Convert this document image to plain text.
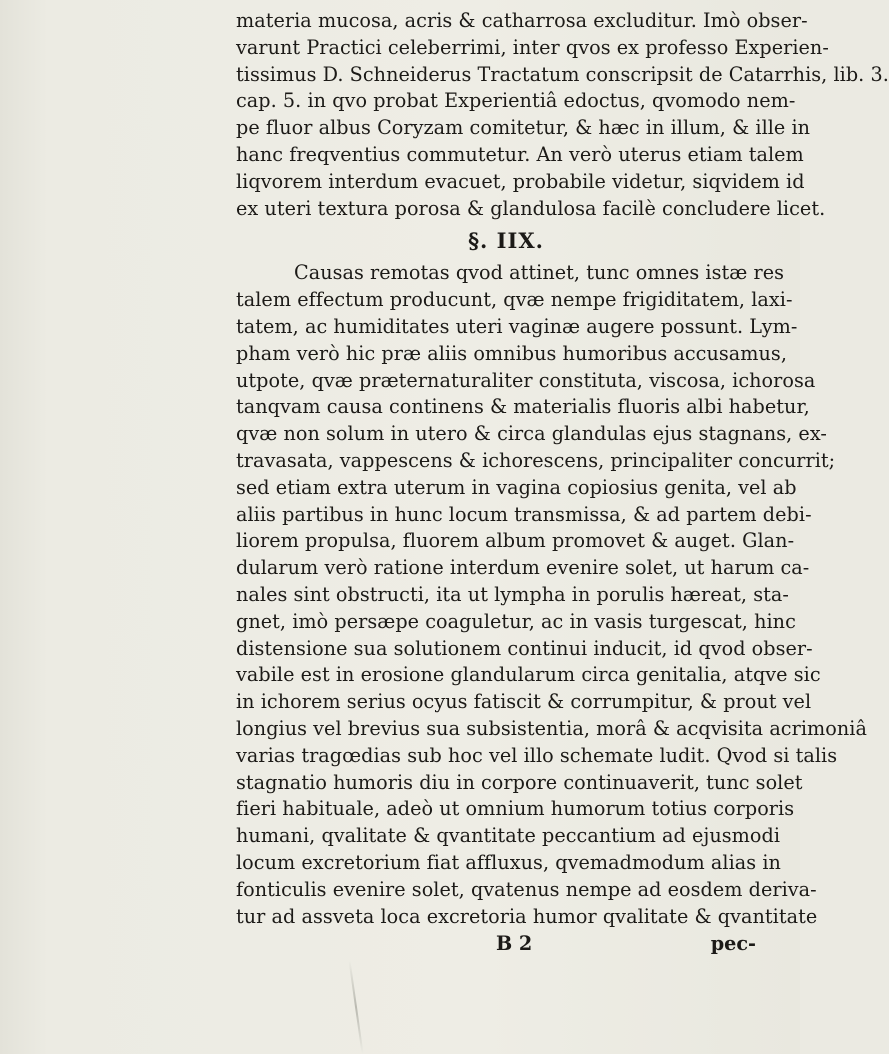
materia mucosa, acris & catharrosa excluditur. Imò obser-
varunt Practici celeberrimi, inter qvos ex professo Experien-
tissimus D. Schneiderus Tractatum conscripsit de Catarrhis, lib. 3.
cap. 5. in qvo probat Experientiâ edoctus, qvomodo nem-
pe fluor albus Coryzam comitetur, & hæc in illum, & ille in
hanc freqventius commutetur. An verò uterus etiam talem
liqvorem interdum evacuet, probabile videtur, siqvidem id
ex uteri textura porosa & glandulosa facilè concludere licet.
§. IIX.
Causas remotas qvod attinet, tunc omnes istæ res
talem effectum producunt, qvæ nempe frigiditatem, laxi-
tatem, ac humiditates uteri vaginæ augere possunt. Lym-
pham verò hic præ aliis omnibus humoribus accusamus,
utpote, qvæ præternaturaliter constituta, viscosa, ichorosa
tanqvam causa continens & materialis fluoris albi habetur,
qvæ non solum in utero & circa glandulas ejus stagnans, ex-
travasata, vappescens & ichorescens, principaliter concurrit;
sed etiam extra uterum in vagina copiosius genita, vel ab
aliis partibus in hunc locum transmissa, & ad partem debi-
liorem propulsa, fluorem album promovet & auget. Glan-
dularum verò ratione interdum evenire solet, ut harum ca-
nales sint obstructi, ita ut lympha in porulis hæreat, sta-
gnet, imò persæpe coaguletur, ac in vasis turgescat, hinc
distensione sua solutionem continui inducit, id qvod obser-
vabile est in erosione glandularum circa genitalia, atqve sic
in ichorem serius ocyus fatiscit & corrumpitur, & prout vel
longius vel brevius sua subsistentia, morâ & acqvisita acrimoniâ
varias tragœdias sub hoc vel illo schemate ludit. Qvod si talis
stagnatio humoris diu in corpore continuaverit, tunc solet
fieri habituale, adeò ut omnium humorum totius corporis
humani, qvalitate & qvantitate peccantium ad ejusmodi
locum excretorium fiat affluxus, qvemadmodum alias in
fonticulis evenire solet, qvatenus nempe ad eosdem deriva-
tur ad assveta loca excretoria humor qvalitate & qvantitate
B 2	pec-
